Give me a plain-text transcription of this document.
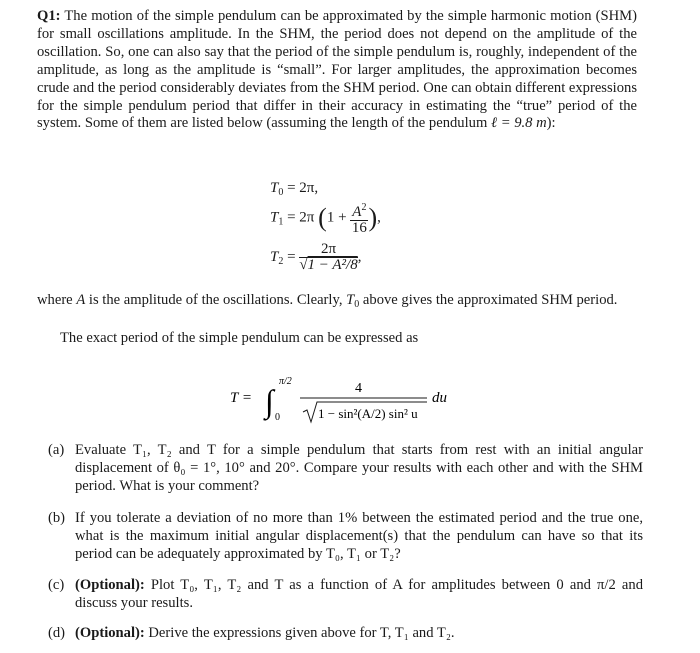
Q1: The motion of the simple pendulum can be approximated by the simple harmonic motion (SHM) for small oscillations amplitude. In the SHM, the period does not depend on the amplitude of the oscillation. So, one can also say that the period of the simple pendulum is, roughly, independent of the amplitude, as long as the amplitude is “small”. For larger amplitudes, the approximation becomes crude and the period considerably deviates from the SHM period. One can obtain different expressions for the simple pendulum period that differ in their accuracy in estimating the “true” period of the system. Some of them are listed below (assuming the length of the pendulum ℓ = 9.8 m):

$T_0 = 2\pi$,
$T_1 = 2\pi$ ($1 + \frac{A^2}{16}$ ),
$T_2 = \frac{2\pi}{\text{√1 − A²/8}}$ ,

where A is the amplitude of the oscillations. Clearly, $T_0$ above gives the approximated SHM period.

The exact period of the simple pendulum can be expressed as

T = ∫
π/2
0
4
1 − sin²(A/2) sin² u
du
(a) Evaluate T₁, T₂ and T for a simple pendulum that starts from rest with an initial angular displacement of θ₀ = 1°, 10° and 20°. Compare your results with each other and with the SHM period. What is your comment?
(b) If you tolerate a deviation of no more than 1% between the estimated period and the true one, what is the maximum initial angular displacement(s) that the pendulum can have so that its period can be adequately approximated by T₀, T₁ or T₂?
(c) (Optional): Plot T₀, T₁, T₂ and T as a function of A for amplitudes between 0 and π/2 and discuss your results.
(d) (Optional): Derive the expressions given above for T, T₁ and T₂.
